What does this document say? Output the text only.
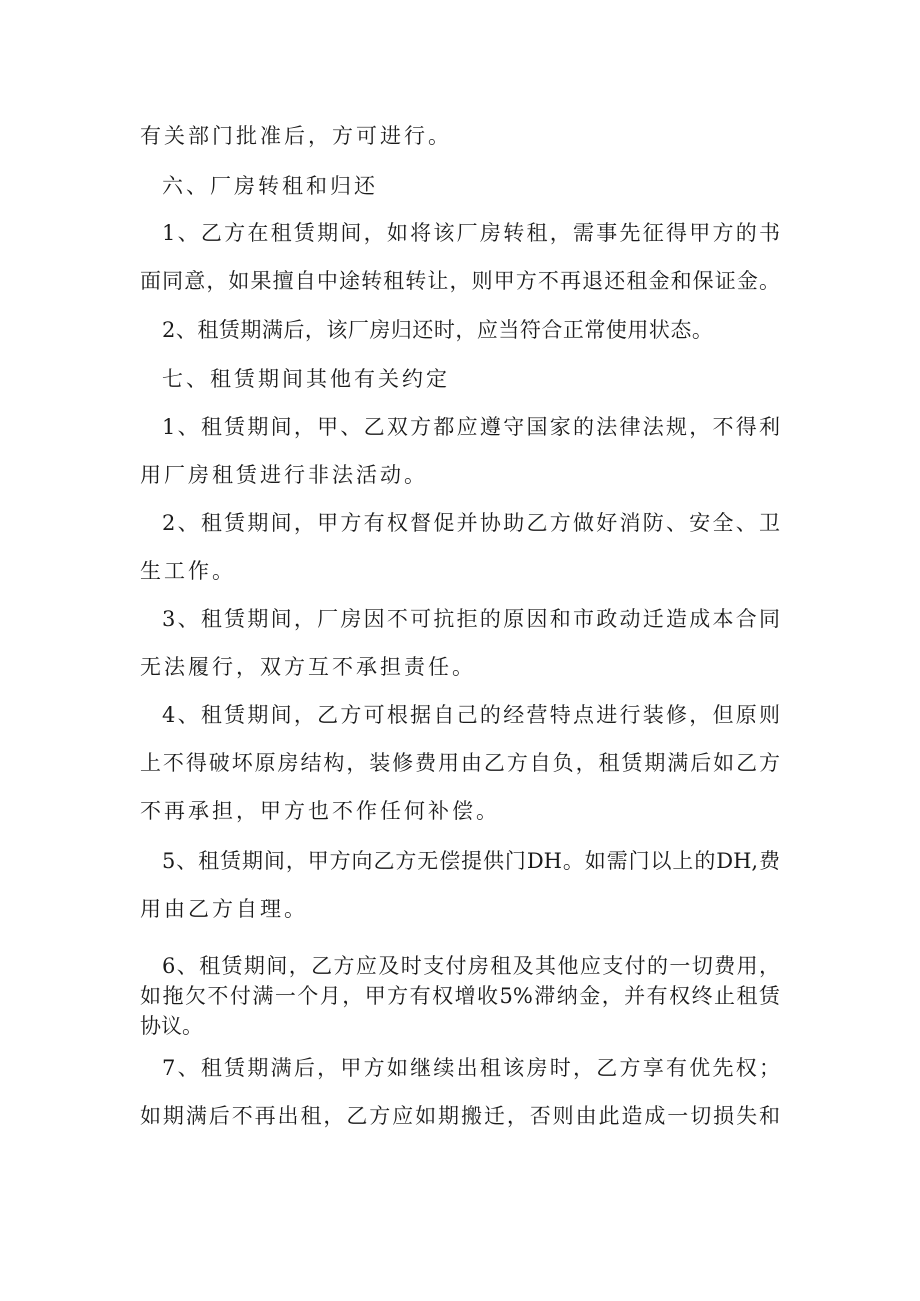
有关部门批准后，方可进行。

六、厂房转租和归还

1、乙方在租赁期间，如将该厂房转租，需事先征得甲方的书

面同意，如果擅自中途转租转让，则甲方不再退还租金和保证金。

2、租赁期满后，该厂房归还时，应当符合正常使用状态。

七、租赁期间其他有关约定

1、租赁期间，甲、乙双方都应遵守国家的法律法规，不得利

用厂房租赁进行非法活动。

2、租赁期间，甲方有权督促并协助乙方做好消防、安全、卫

生工作。

3、租赁期间，厂房因不可抗拒的原因和市政动迁造成本合同

无法履行，双方互不承担责任。

4、租赁期间，乙方可根据自己的经营特点进行装修，但原则

上不得破坏原房结构，装修费用由乙方自负，租赁期满后如乙方

不再承担，甲方也不作任何补偿。

5、租赁期间，甲方向乙方无偿提供门DH。如需门以上的DH,费

用由乙方自理。

6、租赁期间，乙方应及时支付房租及其他应支付的一切费用，

如拖欠不付满一个月，甲方有权增收5%滞纳金，并有权终止租赁

协议。

7、租赁期满后，甲方如继续出租该房时，乙方享有优先权；

如期满后不再出租，乙方应如期搬迁，否则由此造成一切损失和
